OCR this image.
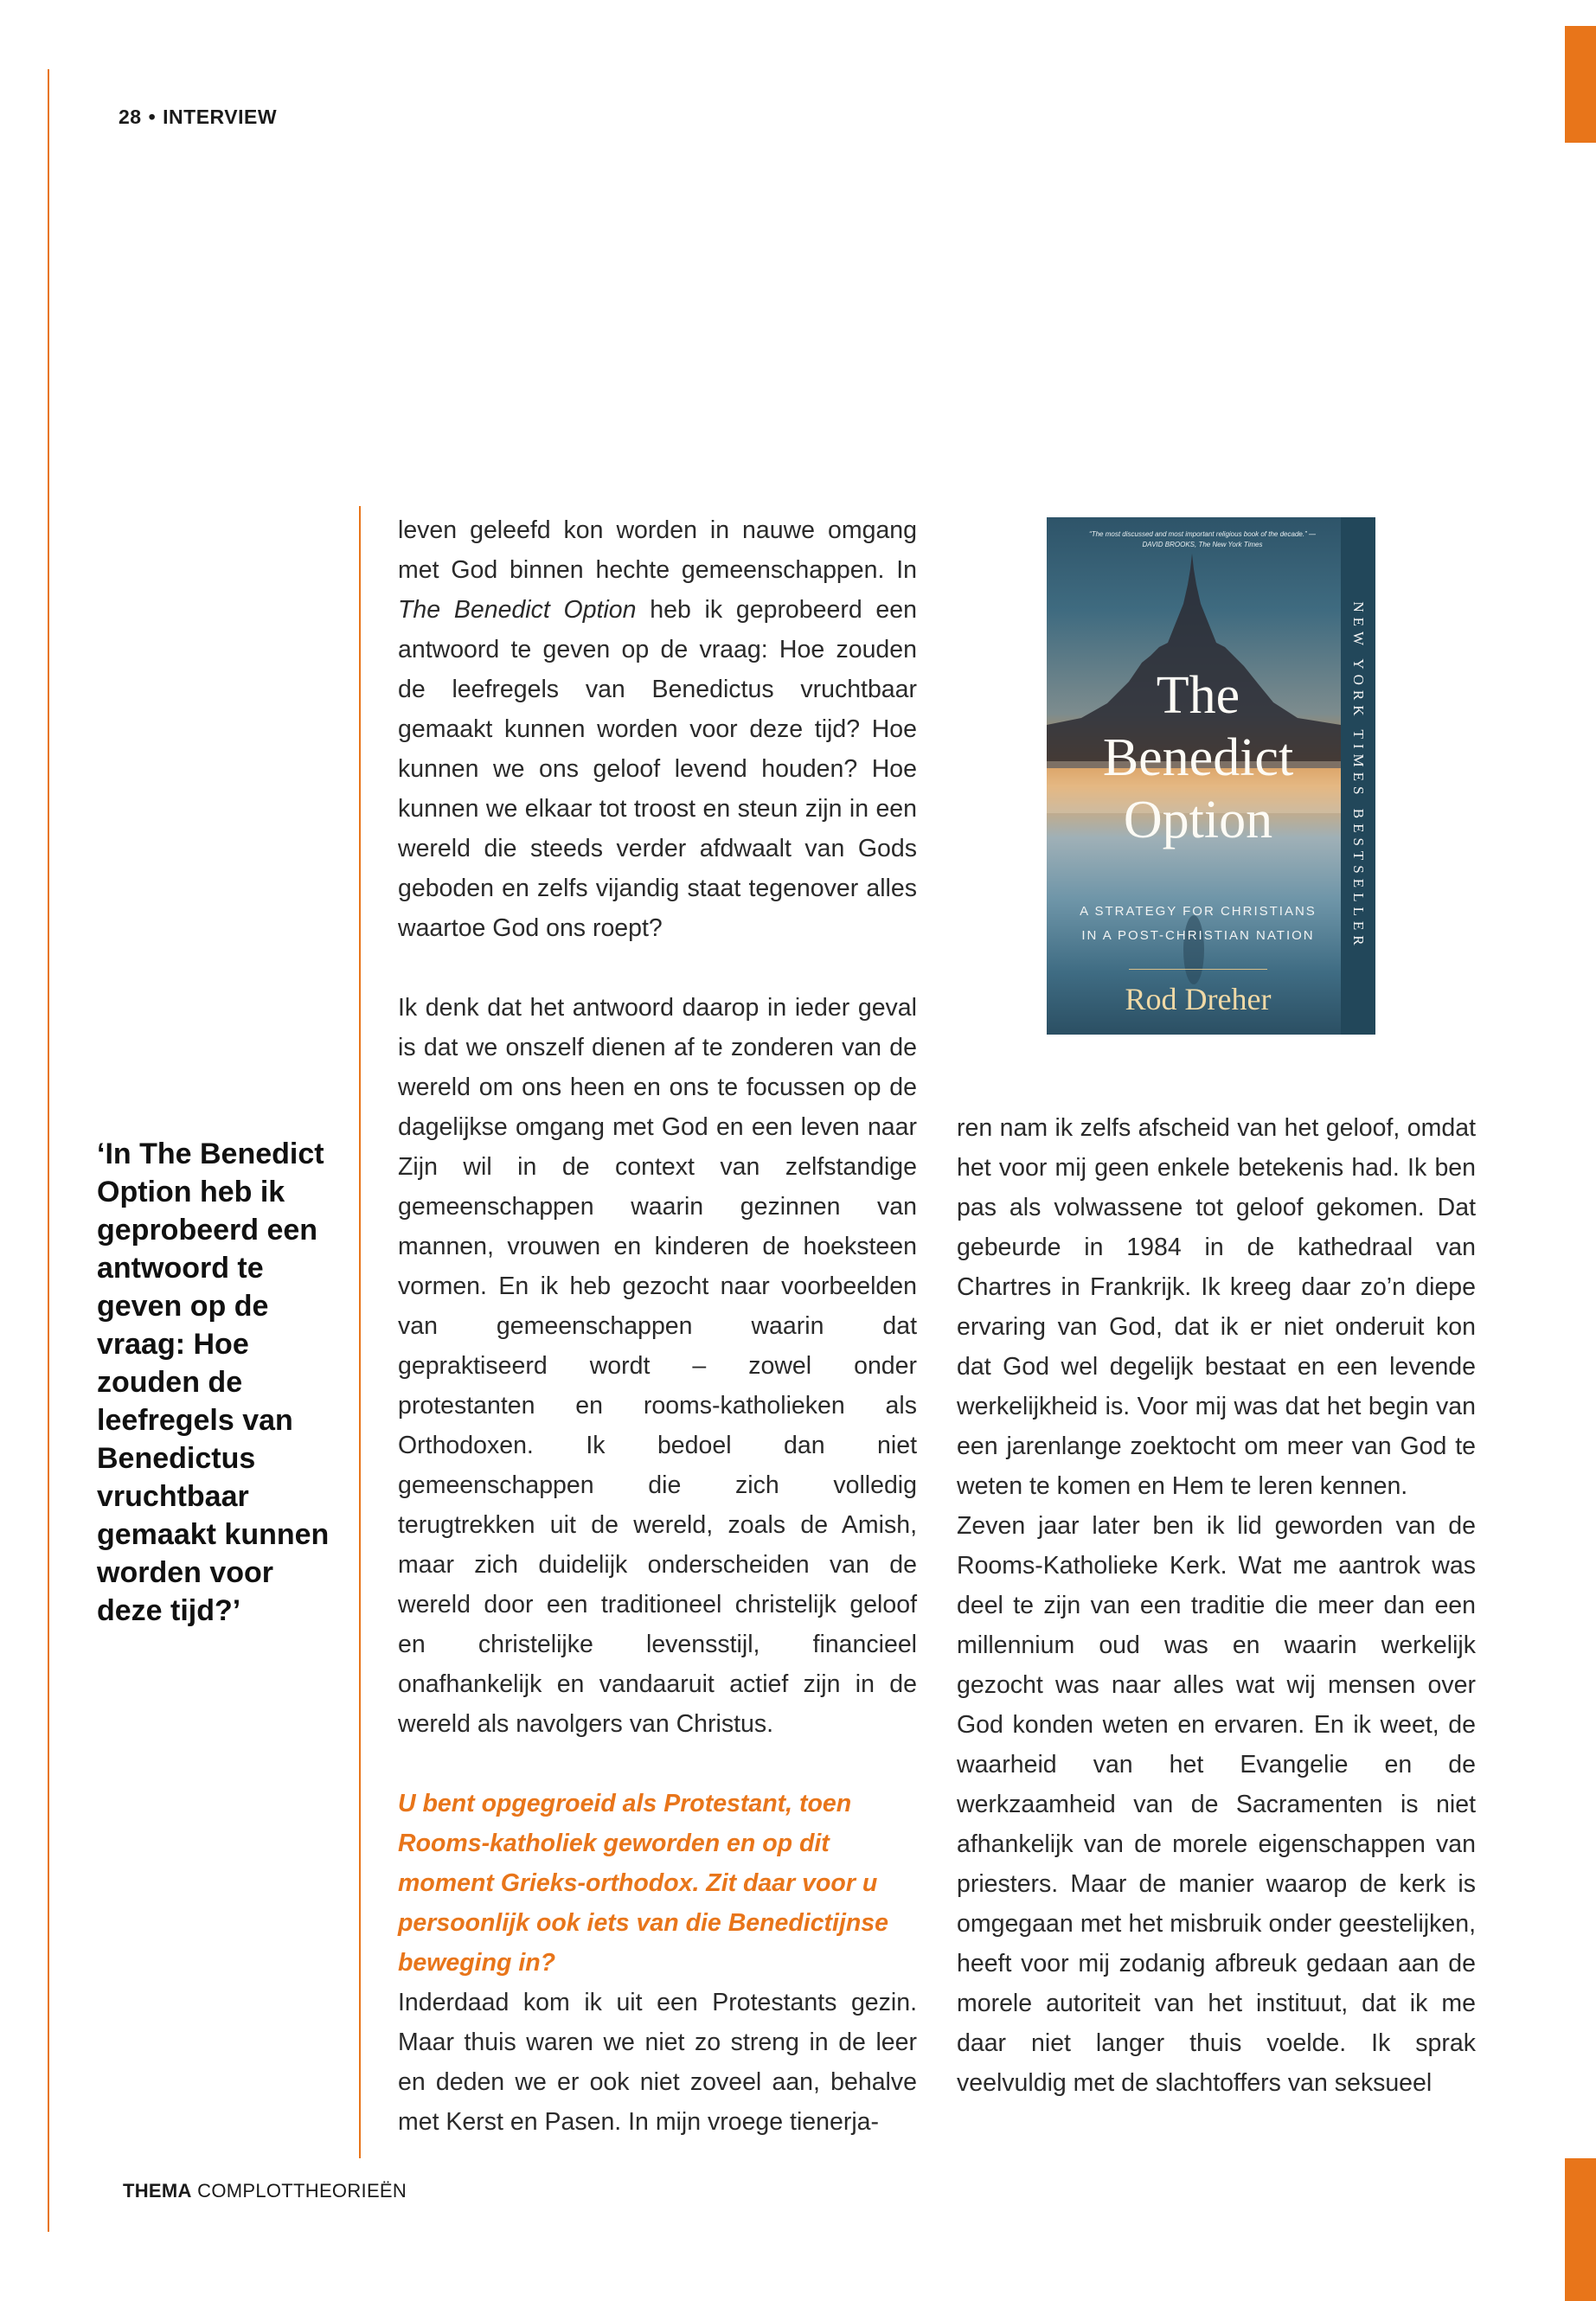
28 • INTERVIEW
‘In The Benedict Option heb ik geprobeerd een antwoord te geven op de vraag: Hoe zouden de leefregels van Benedictus vruchtbaar gemaakt kunnen worden voor deze tijd?’

leven geleefd kon worden in nauwe omgang met God binnen hechte gemeenschappen. In The Benedict Option heb ik geprobeerd een antwoord te geven op de vraag: Hoe zouden de leefregels van Benedictus vruchtbaar gemaakt kunnen worden voor deze tijd? Hoe kunnen we ons geloof levend houden? Hoe kunnen we elkaar tot troost en steun zijn in een wereld die steeds verder afdwaalt van Gods geboden en zelfs vijandig staat tegenover alles waartoe God ons roept?

Ik denk dat het antwoord daarop in ieder geval is dat we onszelf dienen af te zonderen van de wereld om ons heen en ons te focussen op de dagelijkse omgang met God en een leven naar Zijn wil in de context van zelfstandige gemeenschappen waarin gezinnen van mannen, vrouwen en kinderen de hoeksteen vormen. En ik heb gezocht naar voorbeelden van gemeenschappen waarin dat gepraktiseerd wordt – zowel onder protestanten en rooms-katholieken als Orthodoxen. Ik bedoel dan niet gemeenschappen die zich volledig terugtrekken uit de wereld, zoals de Amish, maar zich duidelijk onderscheiden van de wereld door een traditioneel christelijk geloof en christelijke levensstijl, financieel onafhankelijk en vandaaruit actief zijn in de wereld als navolgers van Christus.

U bent opgegroeid als Protestant, toen Rooms-katholiek geworden en op dit moment Grieks-orthodox. Zit daar voor u persoonlijk ook iets van die Benedictijnse beweging in?

Inderdaad kom ik uit een Protestants gezin. Maar thuis waren we niet zo streng in de leer en deden we er ook niet zoveel aan, behalve met Kerst en Pasen. In mijn vroege tienerja-

ren nam ik zelfs afscheid van het geloof, omdat het voor mij geen enkele betekenis had. Ik ben pas als volwassene tot geloof gekomen. Dat gebeurde in 1984 in de kathedraal van Chartres in Frankrijk. Ik kreeg daar zo’n diepe ervaring van God, dat ik er niet onderuit kon dat God wel degelijk bestaat en een levende werkelijkheid is. Voor mij was dat het begin van een jarenlange zoektocht om meer van God te weten te komen en Hem te leren kennen.

Zeven jaar later ben ik lid geworden van de Rooms-Katholieke Kerk. Wat me aantrok was deel te zijn van een traditie die meer dan een millennium oud was en waarin werkelijk gezocht was naar alles wat wij mensen over God konden weten en ervaren. En ik weet, de waarheid van het Evangelie en de werkzaamheid van de Sacramenten is niet afhankelijk van de morele eigenschappen van priesters. Maar de manier waarop de kerk is omgegaan met het misbruik onder geestelijken, heeft voor mij zodanig afbreuk gedaan aan de morele autoriteit van het instituut, dat ik me daar niet langer thuis voelde. Ik sprak veelvuldig met de slachtoffers van seksueel

“The most discussed and most important religious book of the decade.” —DAVID BROOKS, The New York Times
The
Benedict
Option
A STRATEGY FOR CHRISTIANS
IN A POST-CHRISTIAN NATION
Rod Dreher
NEW YORK TIMES BESTSELLER
THEMA COMPLOTTHEORIEËN
